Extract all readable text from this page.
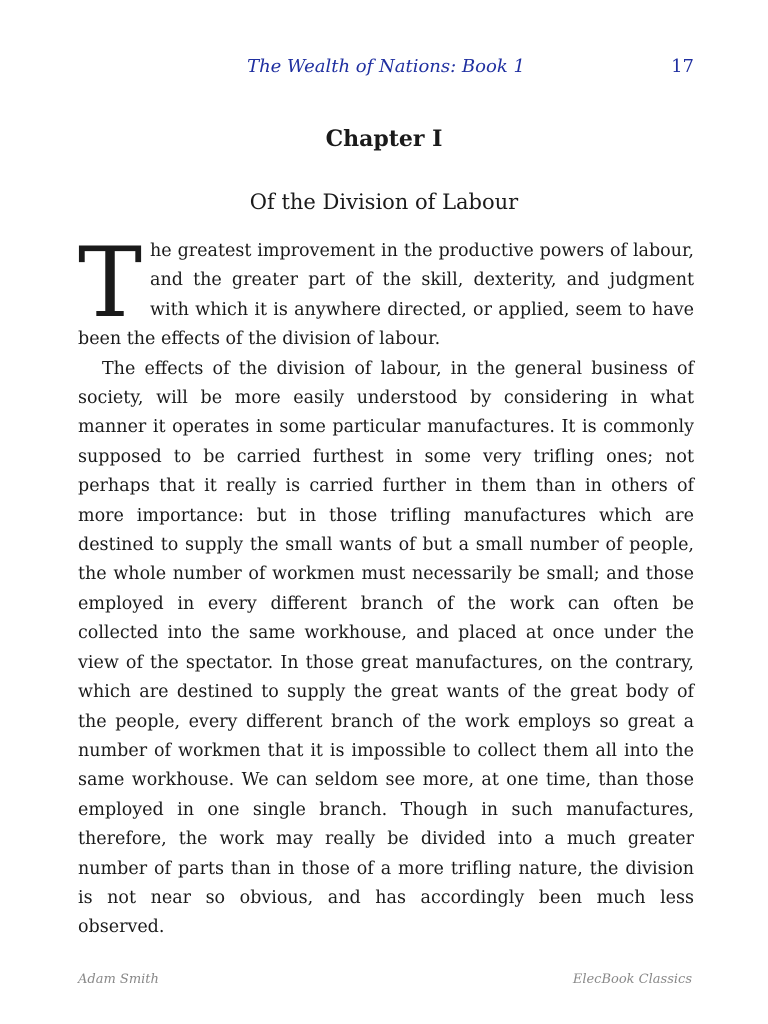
The Wealth of Nations: Book 1	17
Chapter I
Of the Division of Labour

The greatest improvement in the productive powers of labour, and the greater part of the skill, dexterity, and judgment with which it is anywhere directed, or applied, seem to have been the effects of the division of labour.

The effects of the division of labour, in the general business of society, will be more easily understood by considering in what manner it operates in some particular manufactures. It is commonly supposed to be carried furthest in some very trifling ones; not perhaps that it really is carried further in them than in others of more importance: but in those trifling manufactures which are destined to supply the small wants of but a small number of people, the whole number of workmen must necessarily be small; and those employed in every different branch of the work can often be collected into the same workhouse, and placed at once under the view of the spectator. In those great manufactures, on the contrary, which are destined to supply the great wants of the great body of the people, every different branch of the work employs so great a number of workmen that it is impossible to collect them all into the same workhouse. We can seldom see more, at one time, than those employed in one single branch. Though in such manufactures, therefore, the work may really be divided into a much greater number of parts than in those of a more trifling nature, the division is not near so obvious, and has accordingly been much less observed.

Adam Smith	ElecBook Classics
